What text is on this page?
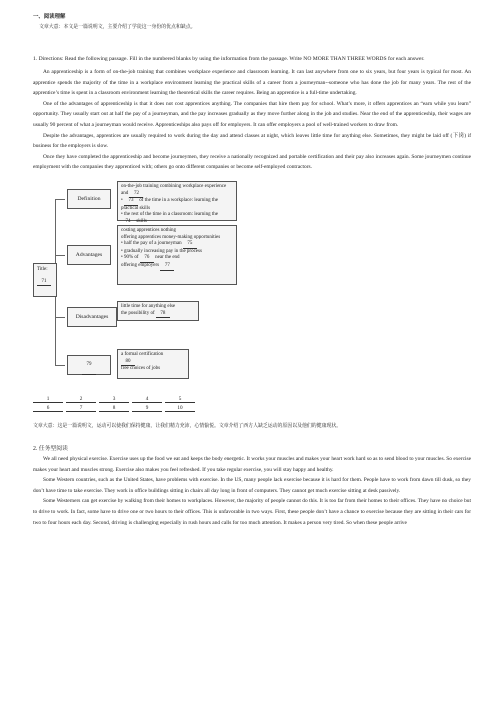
一、阅读理解
文章大意：本文是一篇说明文，主要介绍了学徒这一身份的优点和缺点。
1. Directions: Read the following passage. Fill in the numbered blanks by using the information from the passage. Write NO MORE THAN THREE WORDS for each answer.

An apprenticeship is a form of on-the-job training that combines workplace experience and classroom learning. It can last anywhere from one to six years, but four years is typical for most. An apprentice spends the majority of the time in a workplace environment learning the practical skills of a career from a journeyman--someone who has done the job for many years. The rest of the apprentice’s time is spent in a classroom environment learning the theoretical skills the career requires. Being an apprentice is a full-time undertaking.

One of the advantages of apprenticeship is that it does not cost apprentices anything. The companies that hire them pay for school. What’s more, it offers apprentices an “earn while you learn” opportunity. They usually start out at half the pay of a journeyman, and the pay increases gradually as they move further along in the job and studies. Near the end of the apprenticeship, their wages are usually 90 percent of what a journeyman would receive. Apprenticeships also pays off for employers. It can offer employers a pool of well-trained workers to draw from.

Despite the advantages, apprentices are usually required to work during the day and attend classes at night, which leaves little time for anything else. Sometimes, they might be laid off (下岗) if business for the employers is slow.

Once they have completed the apprenticeship and become journeymen, they receive a nationally recognized and portable certification and their pay also increases again. Some journeymen continue employment with the companies they apprenticed with; others go onto different companies or become self-employed contractors.

Title:
71
Definition
on-the-job training combining workplace experience and 72
• 73 of the time in a workplace: learning the practical skills
• the rest of the time in a classroom: learning the 74 skills
Advantages
costing apprentices nothing
offering apprentices money-making opportunities
• half the pay of a journeyman 75
• gradually increasing pay in the process
• 90% of 76 near the end
offering employers 77
Disadvantages
little time for anything else
the possibility of 78
79
a formal certification
80
free choices of jobs
1	2	3	4	5
6	7	8	9	10
文章大意：这是一篇说明文，运动可以使我们保持健康，让我们精力充沛，心情愉悦。文章介绍了西方人缺乏运动的原因以及他们的健康现状。
2. 任务型阅读

We all need physical exercise. Exercise uses up the food we eat and keeps the body energetic. It works your muscles and makes your heart work hard so as to send blood to your muscles. So exercise makes your heart and muscles strong. Exercise also makes you feel refreshed. If you take regular exercise, you will stay happy and healthy.

Some Western countries, such as the United States, have problems with exercise. In the US, many people lack exercise because it is hard for them. People have to work from dawn till dusk, so they don’t have time to take exercise. They work in office buildings sitting in chairs all day long in front of computers. They cannot get much exercise sitting at desk passively.

Some Westerners can get exercise by walking from their homes to workplaces. However, the majority of people cannot do this. It is too far from their homes to their offices. They have no choice but to drive to work. In fact, some have to drive one or two hours to their offices. This is unfavorable in two ways. First, these people don’t have a chance to exercise because they are sitting in their cars for two to four hours each day. Second, driving is challenging especially in rush hours and calls for too much attention. It makes a person very tired. So when these people arrive
